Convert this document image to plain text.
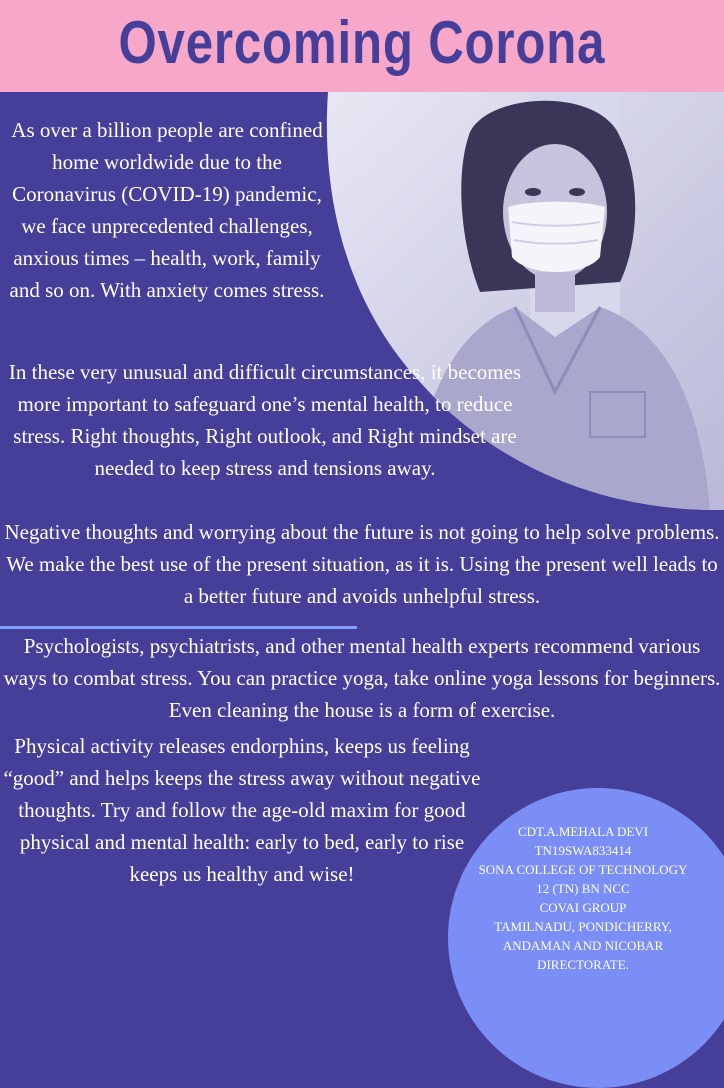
Overcoming Corona
As over a billion people are confined home worldwide due to the Coronavirus (COVID-19) pandemic, we face unprecedented challenges, anxious times – health, work, family and so on. With anxiety comes stress.
In these very unusual and difficult circumstances, it becomes more important to safeguard one’s mental health, to reduce stress. Right thoughts, Right outlook, and Right mindset are needed to keep stress and tensions away.
Negative thoughts and worrying about the future is not going to help solve problems. We make the best use of the present situation, as it is. Using the present well leads to a better future and avoids unhelpful stress.
Psychologists, psychiatrists, and other mental health experts recommend various ways to combat stress. You can practice yoga, take online yoga lessons for beginners. Even cleaning the house is a form of exercise.
Physical activity releases endorphins, keeps us feeling “good” and helps keeps the stress away without negative thoughts. Try and follow the age-old maxim for good physical and mental health: early to bed, early to rise keeps us healthy and wise!
CDT.A.MEHALA DEVI
TN19SWA833414
SONA COLLEGE OF TECHNOLOGY
12 (TN) BN NCC
COVAI GROUP
TAMILNADU, PONDICHERRY,
ANDAMAN AND NICOBAR
DIRECTORATE.
